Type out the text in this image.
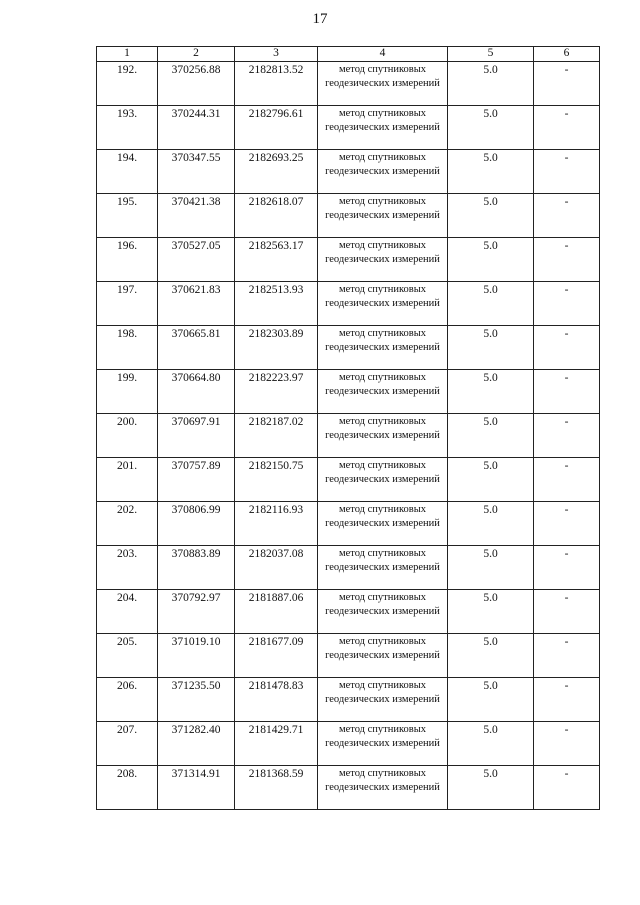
17
1	2	3	4	5	6
192.	370256.88	2182813.52	метод спутниковых геодезических измерений	5.0	-
193.	370244.31	2182796.61	метод спутниковых геодезических измерений	5.0	-
194.	370347.55	2182693.25	метод спутниковых геодезических измерений	5.0	-
195.	370421.38	2182618.07	метод спутниковых геодезических измерений	5.0	-
196.	370527.05	2182563.17	метод спутниковых геодезических измерений	5.0	-
197.	370621.83	2182513.93	метод спутниковых геодезических измерений	5.0	-
198.	370665.81	2182303.89	метод спутниковых геодезических измерений	5.0	-
199.	370664.80	2182223.97	метод спутниковых геодезических измерений	5.0	-
200.	370697.91	2182187.02	метод спутниковых геодезических измерений	5.0	-
201.	370757.89	2182150.75	метод спутниковых геодезических измерений	5.0	-
202.	370806.99	2182116.93	метод спутниковых геодезических измерений	5.0	-
203.	370883.89	2182037.08	метод спутниковых геодезических измерений	5.0	-
204.	370792.97	2181887.06	метод спутниковых геодезических измерений	5.0	-
205.	371019.10	2181677.09	метод спутниковых геодезических измерений	5.0	-
206.	371235.50	2181478.83	метод спутниковых геодезических измерений	5.0	-
207.	371282.40	2181429.71	метод спутниковых геодезических измерений	5.0	-
208.	371314.91	2181368.59	метод спутниковых геодезических измерений	5.0	-
